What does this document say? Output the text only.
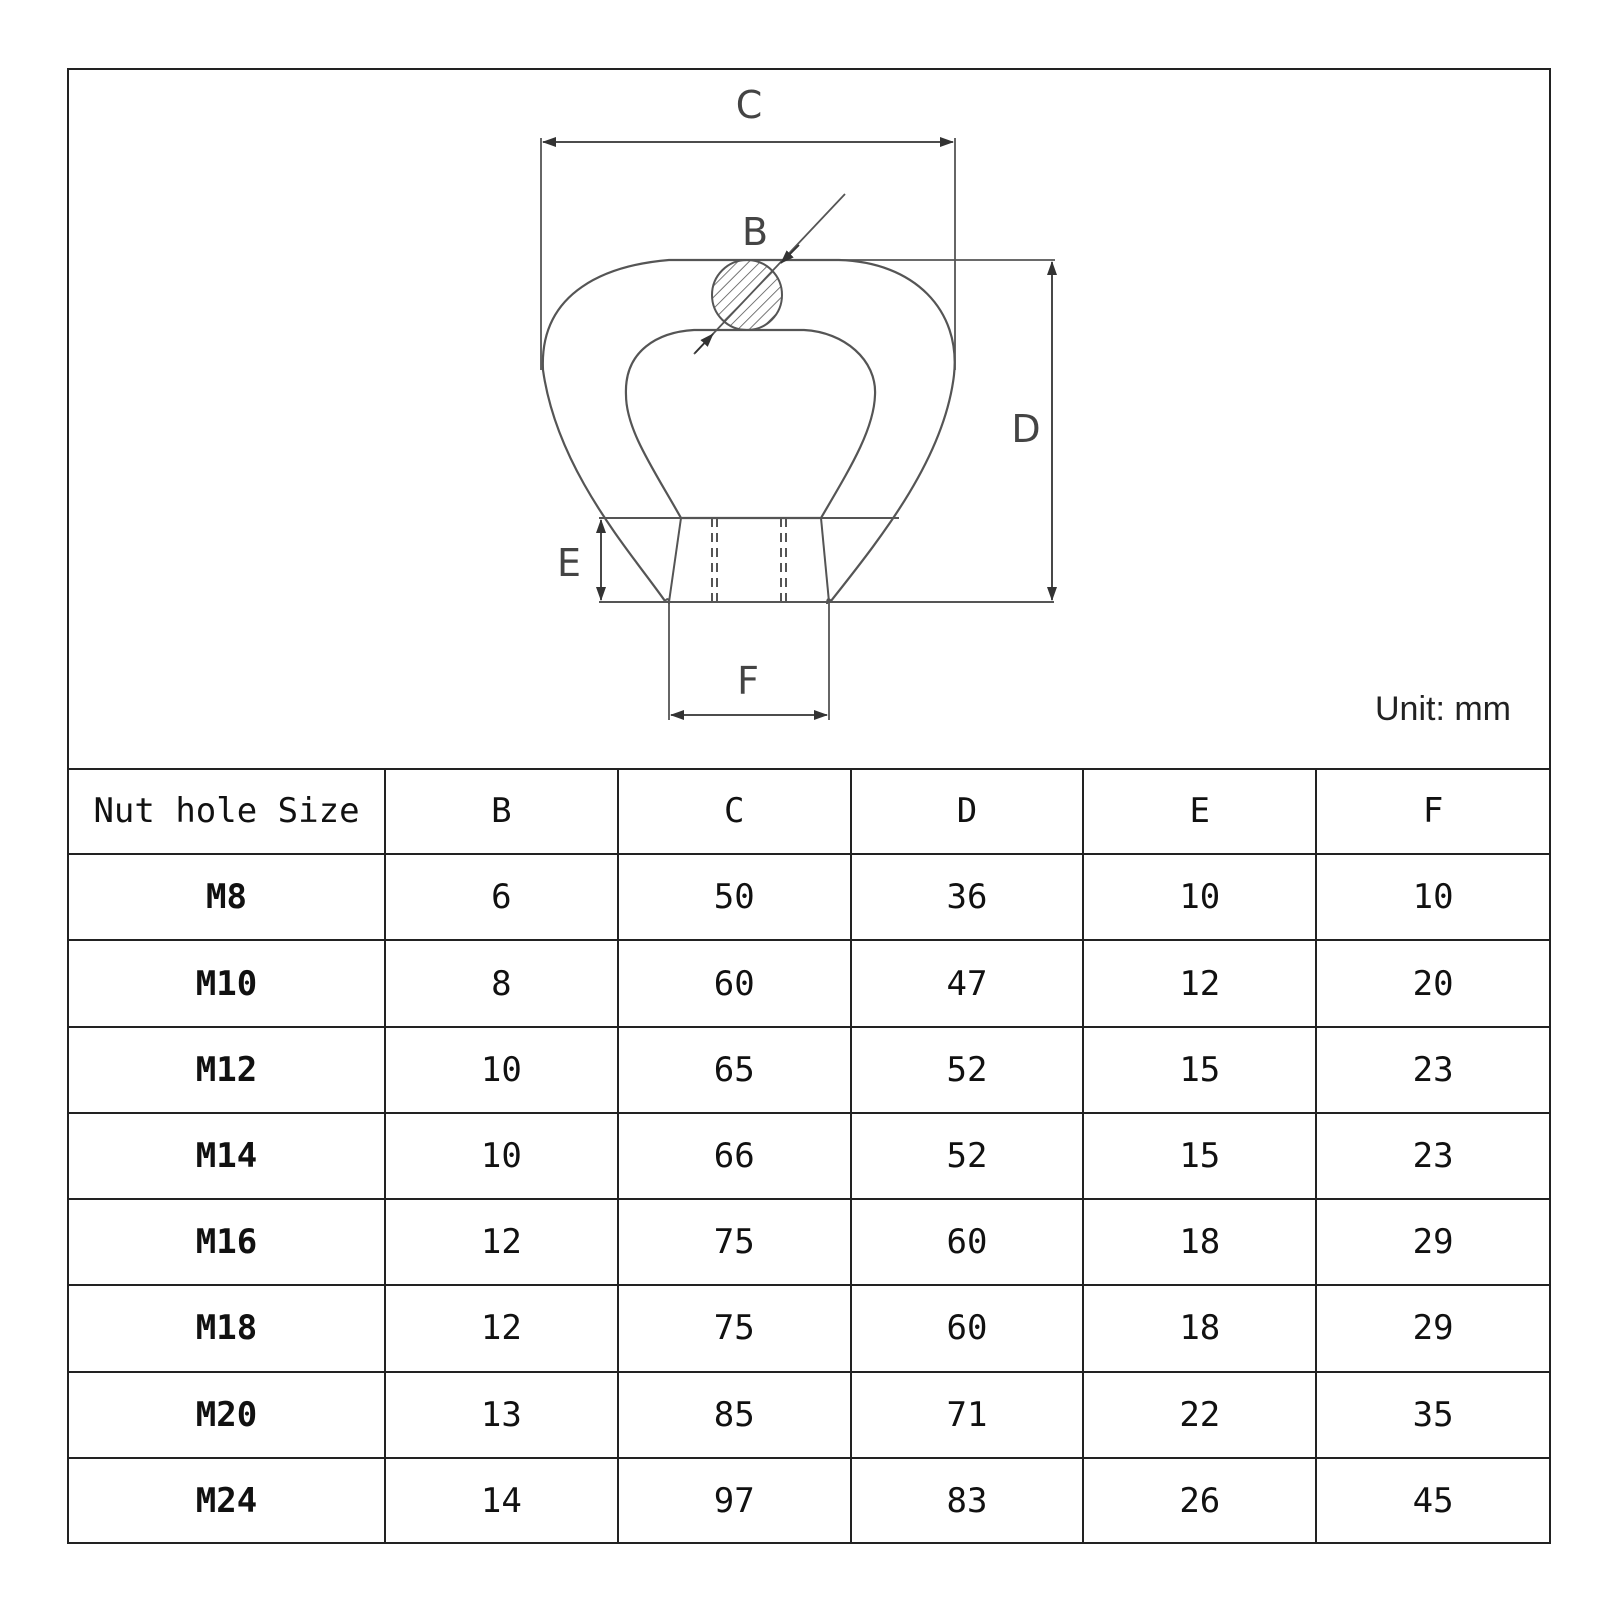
C
B
D
E
F
Unit: mm
Nut hole Size	B	C	D	E	F
M8	6	50	36	10	10
M10	8	60	47	12	20
M12	10	65	52	15	23
M14	10	66	52	15	23
M16	12	75	60	18	29
M18	12	75	60	18	29
M20	13	85	71	22	35
M24	14	97	83	26	45
